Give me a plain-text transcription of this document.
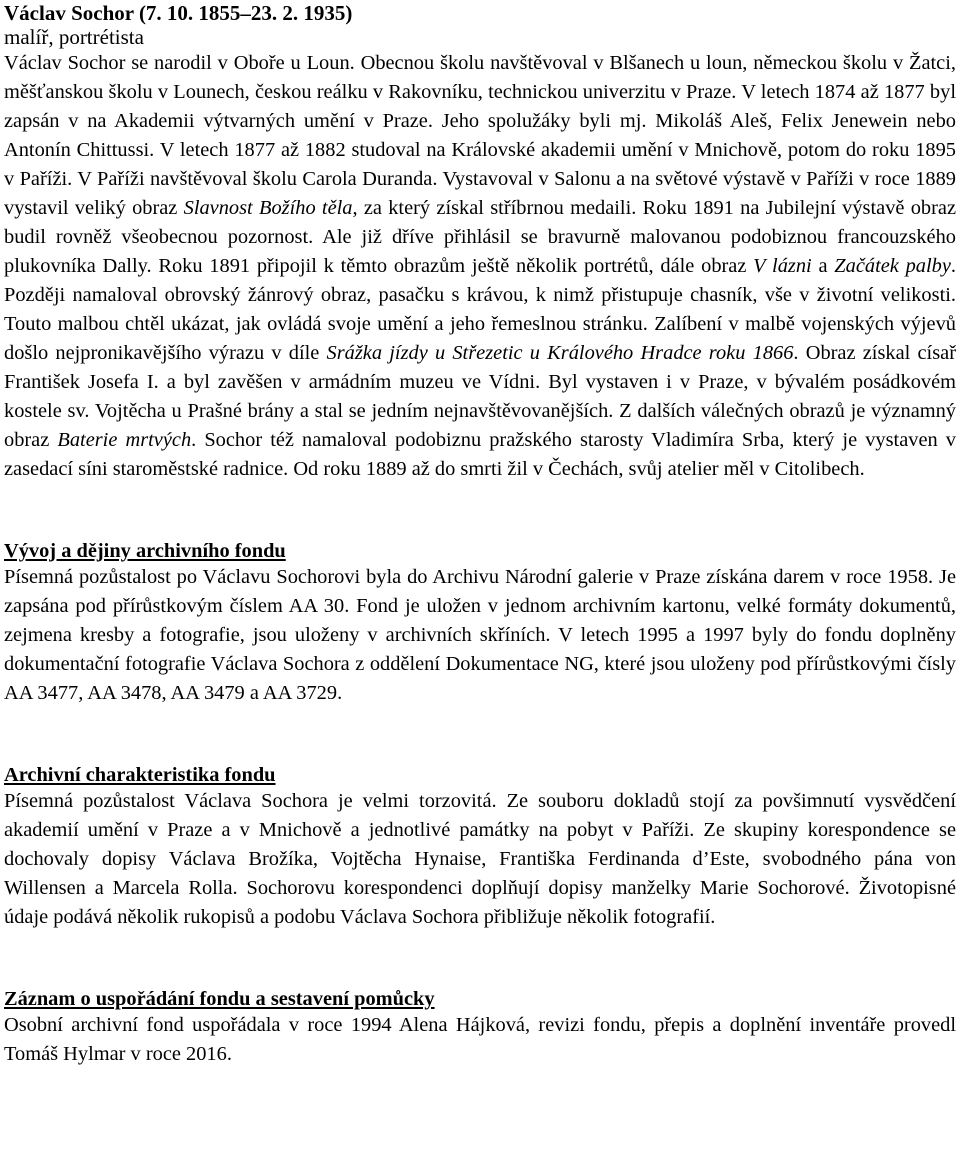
Václav Sochor (7. 10. 1855–23. 2. 1935)
malíř, portrétista

Václav Sochor se narodil v Oboře u Loun. Obecnou školu navštěvoval v Blšanech u loun, německou školu v Žatci, měšťanskou školu v Lounech, českou reálku v Rakovníku, technickou univerzitu v Praze. V letech 1874 až 1877 byl zapsán v na Akademii výtvarných umění v Praze. Jeho spolužáky byli mj. Mikoláš Aleš, Felix Jenewein nebo Antonín Chittussi. V letech 1877 až 1882 studoval na Královské akademii umění v Mnichově, potom do roku 1895 v Paříži. V Paříži navštěvoval školu Carola Duranda. Vystavoval v Salonu a na světové výstavě v Paříži v roce 1889 vystavil veliký obraz Slavnost Božího těla, za který získal stříbrnou medaili. Roku 1891 na Jubilejní výstavě obraz budil rovněž všeobecnou pozornost. Ale již dříve přihlásil se bravurně malovanou podobiznou francouzského plukovníka Dally. Roku 1891 připojil k těmto obrazům ještě několik portrétů, dále obraz V lázni a Začátek palby. Později namaloval obrovský žánrový obraz, pasačku s krávou, k nimž přistupuje chasník, vše v životní velikosti. Touto malbou chtěl ukázat, jak ovládá svoje umění a jeho řemeslnou stránku. Zalíbení v malbě vojenských výjevů došlo nejpronikavějšího výrazu v díle Srážka jízdy u Střezetic u Králového Hradce roku 1866. Obraz získal císař František Josefa I. a byl zavěšen v armádním muzeu ve Vídni. Byl vystaven i v Praze, v bývalém posádkovém kostele sv. Vojtěcha u Prašné brány a stal se jedním nejnavštěvovanějších. Z dalších válečných obrazů je významný obraz Baterie mrtvých. Sochor též namaloval podobiznu pražského starosty Vladimíra Srba, který je vystaven v zasedací síni staroměstské radnice. Od roku 1889 až do smrti žil v Čechách, svůj atelier měl v Citolibech.

Vývoj a dějiny archivního fondu

Písemná pozůstalost po Václavu Sochorovi byla do Archivu Národní galerie v Praze získána darem v roce 1958. Je zapsána pod přírůstkovým číslem AA 30. Fond je uložen v jednom archivním kartonu, velké formáty dokumentů, zejmena kresby a fotografie, jsou uloženy v archivních skříních. V letech 1995 a 1997 byly do fondu doplněny dokumentační fotografie Václava Sochora z oddělení Dokumentace NG, které jsou uloženy pod přírůstkovými čísly AA 3477, AA 3478, AA 3479 a AA 3729.

Archivní charakteristika fondu

Písemná pozůstalost Václava Sochora je velmi torzovitá. Ze souboru dokladů stojí za povšimnutí vysvědčení akademií umění v Praze a v Mnichově a jednotlivé památky na pobyt v Paříži. Ze skupiny korespondence se dochovaly dopisy Václava Brožíka, Vojtěcha Hynaise, Františka Ferdinanda d’Este, svobodného pána von Willensen a Marcela Rolla. Sochorovu korespondenci doplňují dopisy manželky Marie Sochorové. Životopisné údaje podává několik rukopisů a podobu Václava Sochora přibližuje několik fotografií.

Záznam o uspořádání fondu a sestavení pomůcky

Osobní archivní fond uspořádala v roce 1994 Alena Hájková, revizi fondu, přepis a doplnění inventáře provedl Tomáš Hylmar v roce 2016.
